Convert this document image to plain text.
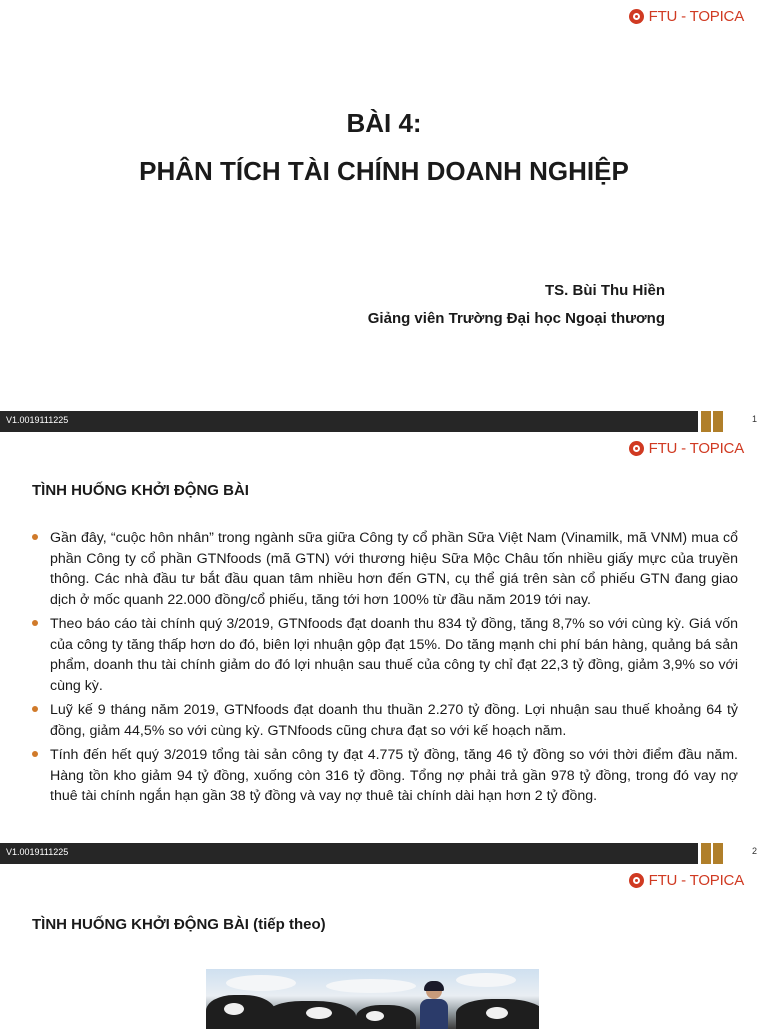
FTU - TOPICA
BÀI 4:
PHÂN TÍCH TÀI CHÍNH DOANH NGHIỆP
TS. Bùi Thu Hiền
Giảng viên Trường Đại học Ngoại thương
V1.0019111225	1
FTU - TOPICA
TÌNH HUỐNG KHỞI ĐỘNG BÀI
Gần đây, “cuộc hôn nhân” trong ngành sữa giữa Công ty cổ phần Sữa Việt Nam (Vinamilk, mã VNM) mua cổ phần Công ty cổ phần GTNfoods (mã GTN) với thương hiệu Sữa Mộc Châu tốn nhiều giấy mực của truyền thông. Các nhà đầu tư bắt đầu quan tâm nhiều hơn đến GTN, cụ thể giá trên sàn cổ phiếu GTN đang giao dịch ở mốc quanh 22.000 đồng/cổ phiếu, tăng tới hơn 100% từ đầu năm 2019 tới nay.
Theo báo cáo tài chính quý 3/2019, GTNfoods đạt doanh thu 834 tỷ đồng, tăng 8,7% so với cùng kỳ. Giá vốn của công ty tăng thấp hơn do đó, biên lợi nhuận gộp đạt 15%. Do tăng mạnh chi phí bán hàng, quảng bá sản phẩm, doanh thu tài chính giảm do đó lợi nhuận sau thuế của công ty chỉ đạt 22,3 tỷ đồng, giảm 3,9% so với cùng kỳ.
Luỹ kế 9 tháng năm 2019, GTNfoods đạt doanh thu thuần 2.270 tỷ đồng. Lợi nhuận sau thuế khoảng 64 tỷ đồng, giảm 44,5% so với cùng kỳ. GTNfoods cũng chưa đạt so với kế hoạch năm.
Tính đến hết quý 3/2019 tổng tài sản công ty đạt 4.775 tỷ đồng, tăng 46 tỷ đồng so với thời điểm đầu năm. Hàng tồn kho giảm 94 tỷ đồng, xuống còn 316 tỷ đồng. Tổng nợ phải trả gần 978 tỷ đồng, trong đó vay nợ thuê tài chính ngắn hạn gần 38 tỷ đồng và vay nợ thuê tài chính dài hạn hơn 2 tỷ đồng.
V1.0019111225	2
FTU - TOPICA
TÌNH HUỐNG KHỞI ĐỘNG BÀI (tiếp theo)
